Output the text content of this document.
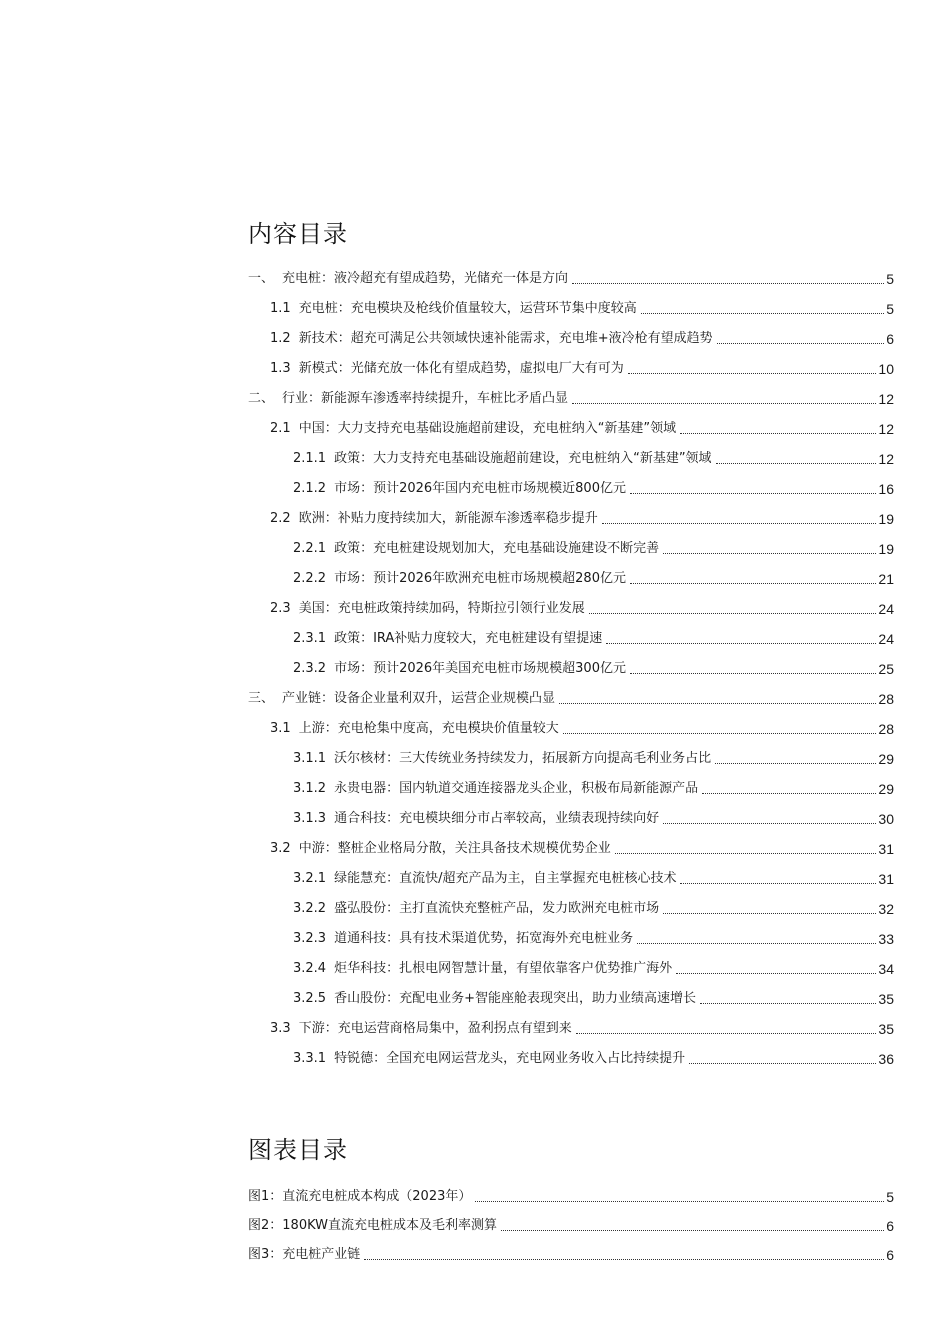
内容目录
一、 充电桩：液冷超充有望成趋势，光储充一体是方向	5
1.1 充电桩：充电模块及枪线价值量较大，运营环节集中度较高	5
1.2 新技术：超充可满足公共领域快速补能需求，充电堆+液冷枪有望成趋势	6
1.3 新模式：光储充放一体化有望成趋势，虚拟电厂大有可为	10
二、 行业：新能源车渗透率持续提升，车桩比矛盾凸显	12
2.1 中国：大力支持充电基础设施超前建设，充电桩纳入“新基建”领域	12
2.1.1 政策：大力支持充电基础设施超前建设，充电桩纳入“新基建”领域	12
2.1.2 市场：预计2026年国内充电桩市场规模近800亿元	16
2.2 欧洲：补贴力度持续加大，新能源车渗透率稳步提升	19
2.2.1 政策：充电桩建设规划加大，充电基础设施建设不断完善	19
2.2.2 市场：预计2026年欧洲充电桩市场规模超280亿元	21
2.3 美国：充电桩政策持续加码，特斯拉引领行业发展	24
2.3.1 政策：IRA补贴力度较大，充电桩建设有望提速	24
2.3.2 市场：预计2026年美国充电桩市场规模超300亿元	25
三、 产业链：设备企业量利双升，运营企业规模凸显	28
3.1 上游：充电枪集中度高，充电模块价值量较大	28
3.1.1 沃尔核材：三大传统业务持续发力，拓展新方向提高毛利业务占比	29
3.1.2 永贵电器：国内轨道交通连接器龙头企业，积极布局新能源产品	29
3.1.3 通合科技：充电模块细分市占率较高，业绩表现持续向好	30
3.2 中游：整桩企业格局分散，关注具备技术规模优势企业	31
3.2.1 绿能慧充：直流快/超充产品为主，自主掌握充电桩核心技术	31
3.2.2 盛弘股份：主打直流快充整桩产品，发力欧洲充电桩市场	32
3.2.3 道通科技：具有技术渠道优势，拓宽海外充电桩业务	33
3.2.4 炬华科技：扎根电网智慧计量，有望依靠客户优势推广海外	34
3.2.5 香山股份：充配电业务+智能座舱表现突出，助力业绩高速增长	35
3.3 下游：充电运营商格局集中，盈利拐点有望到来	35
3.3.1 特锐德：全国充电网运营龙头，充电网业务收入占比持续提升	36
图表目录
图1：直流充电桩成本构成（2023年）	5
图2：180KW直流充电桩成本及毛利率测算	6
图3：充电桩产业链	6
